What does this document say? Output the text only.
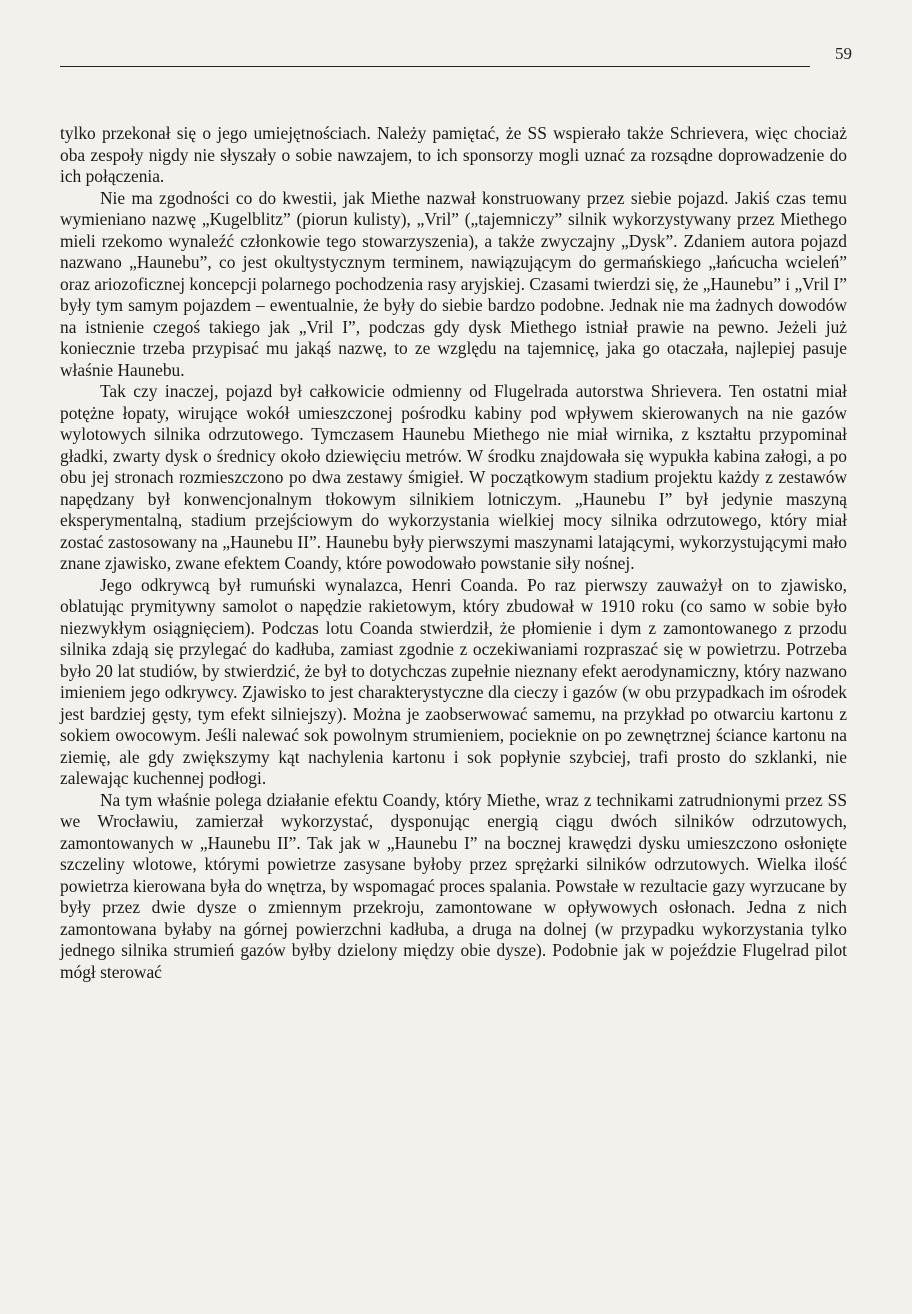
59

tylko przekonał się o jego umiejętnościach. Należy pamiętać, że SS wspierało także Schrievera, więc chociaż oba zespoły nigdy nie słyszały o sobie nawzajem, to ich sponsorzy mogli uznać za rozsądne doprowadzenie do ich połączenia.

Nie ma zgodności co do kwestii, jak Miethe nazwał konstruowany przez siebie pojazd. Jakiś czas temu wymieniano nazwę „Kugelblitz” (piorun kulisty), „Vril” („tajemniczy” silnik wykorzystywany przez Miethego mieli rzekomo wynaleźć członkowie tego stowarzyszenia), a także zwyczajny „Dysk”. Zdaniem autora pojazd nazwano „Haunebu”, co jest okultystycznym terminem, nawiązującym do germańskiego „łańcucha wcieleń” oraz ariozoficznej koncepcji polarnego pochodzenia rasy aryjskiej. Czasami twierdzi się, że „Haunebu” i „Vril I” były tym samym pojazdem – ewentualnie, że były do siebie bardzo podobne. Jednak nie ma żadnych dowodów na istnienie czegoś takiego jak „Vril I”, podczas gdy dysk Miethego istniał prawie na pewno. Jeżeli już koniecznie trzeba przypisać mu jakąś nazwę, to ze względu na tajemnicę, jaka go otaczała, najlepiej pasuje właśnie Haunebu.

Tak czy inaczej, pojazd był całkowicie odmienny od Flugelrada autorstwa Shrievera. Ten ostatni miał potężne łopaty, wirujące wokół umieszczonej pośrodku kabiny pod wpływem skierowanych na nie gazów wylotowych silnika odrzutowego. Tymczasem Haunebu Miethego nie miał wirnika, z kształtu przypominał gładki, zwarty dysk o średnicy około dziewięciu metrów. W środku znajdowała się wypukła kabina załogi, a po obu jej stronach rozmieszczono po dwa zestawy śmigieł. W początkowym stadium projektu każdy z zestawów napędzany był konwencjonalnym tłokowym silnikiem lotniczym. „Haunebu I” był jedynie maszyną eksperymentalną, stadium przejściowym do wykorzystania wielkiej mocy silnika odrzutowego, który miał zostać zastosowany na „Haunebu II”. Haunebu były pierwszymi maszynami latającymi, wykorzystującymi mało znane zjawisko, zwane efektem Coandy, które powodowało powstanie siły nośnej.

Jego odkrywcą był rumuński wynalazca, Henri Coanda. Po raz pierwszy zauważył on to zjawisko, oblatując prymitywny samolot o napędzie rakietowym, który zbudował w 1910 roku (co samo w sobie było niezwykłym osiągnięciem). Podczas lotu Coanda stwierdził, że płomienie i dym z zamontowanego z przodu silnika zdają się przylegać do kadłuba, zamiast zgodnie z oczekiwaniami rozpraszać się w powietrzu. Potrzeba było 20 lat studiów, by stwierdzić, że był to dotychczas zupełnie nieznany efekt aerodynamiczny, który nazwano imieniem jego odkrywcy. Zjawisko to jest charakterystyczne dla cieczy i gazów (w obu przypadkach im ośrodek jest bardziej gęsty, tym efekt silniejszy). Można je zaobserwować samemu, na przykład po otwarciu kartonu z sokiem owocowym. Jeśli nalewać sok powolnym strumieniem, pocieknie on po zewnętrznej ściance kartonu na ziemię, ale gdy zwiększymy kąt nachylenia kartonu i sok popłynie szybciej, trafi prosto do szklanki, nie zalewając kuchennej podłogi.

Na tym właśnie polega działanie efektu Coandy, który Miethe, wraz z technikami zatrudnionymi przez SS we Wrocławiu, zamierzał wykorzystać, dysponując energią ciągu dwóch silników odrzutowych, zamontowanych w „Haunebu II”. Tak jak w „Haunebu I” na bocznej krawędzi dysku umieszczono osłonięte szczeliny wlotowe, którymi powietrze zasysane byłoby przez sprężarki silników odrzutowych. Wielka ilość powietrza kierowana była do wnętrza, by wspomagać proces spalania. Powstałe w rezultacie gazy wyrzucane by były przez dwie dysze o zmiennym przekroju, zamontowane w opływowych osłonach. Jedna z nich zamontowana byłaby na górnej powierzchni kadłuba, a druga na dolnej (w przypadku wykorzystania tylko jednego silnika strumień gazów byłby dzielony między obie dysze). Podobnie jak w pojeździe Flugelrad pilot mógł sterować
